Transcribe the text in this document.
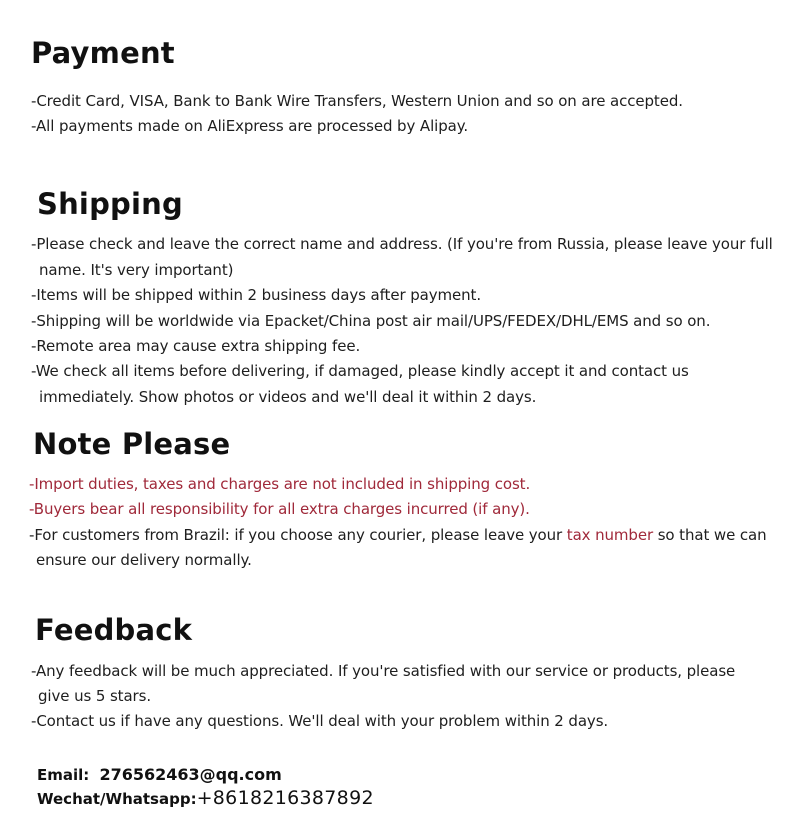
Payment

-Credit Card, VISA, Bank to Bank Wire Transfers, Western Union and so on are accepted.

-All payments made on AliExpress are processed by Alipay.

Shipping

-Please check and leave the correct name and address. (If you're from Russia, please leave your full

name. It's very important)

-Items will be shipped within 2 business days after payment.

-Shipping will be worldwide via Epacket/China post air mail/UPS/FEDEX/DHL/EMS and so on.

-Remote area may cause extra shipping fee.

-We check all items before delivering, if damaged, please kindly accept it and contact us

immediately. Show photos or videos and we'll deal it within 2 days.

Note Please

-Import duties, taxes and charges are not included in shipping cost.

-Buyers bear all responsibility for all extra charges incurred (if any).

-For customers from Brazil: if you choose any courier, please leave your tax number so that we can

ensure our delivery normally.

Feedback

-Any feedback will be much appreciated. If you're satisfied with our service or products, please

give us 5 stars.

-Contact us if have any questions. We'll deal with your problem within 2 days.

Email: 276562463@qq.com

Wechat/Whatsapp:+8618216387892
